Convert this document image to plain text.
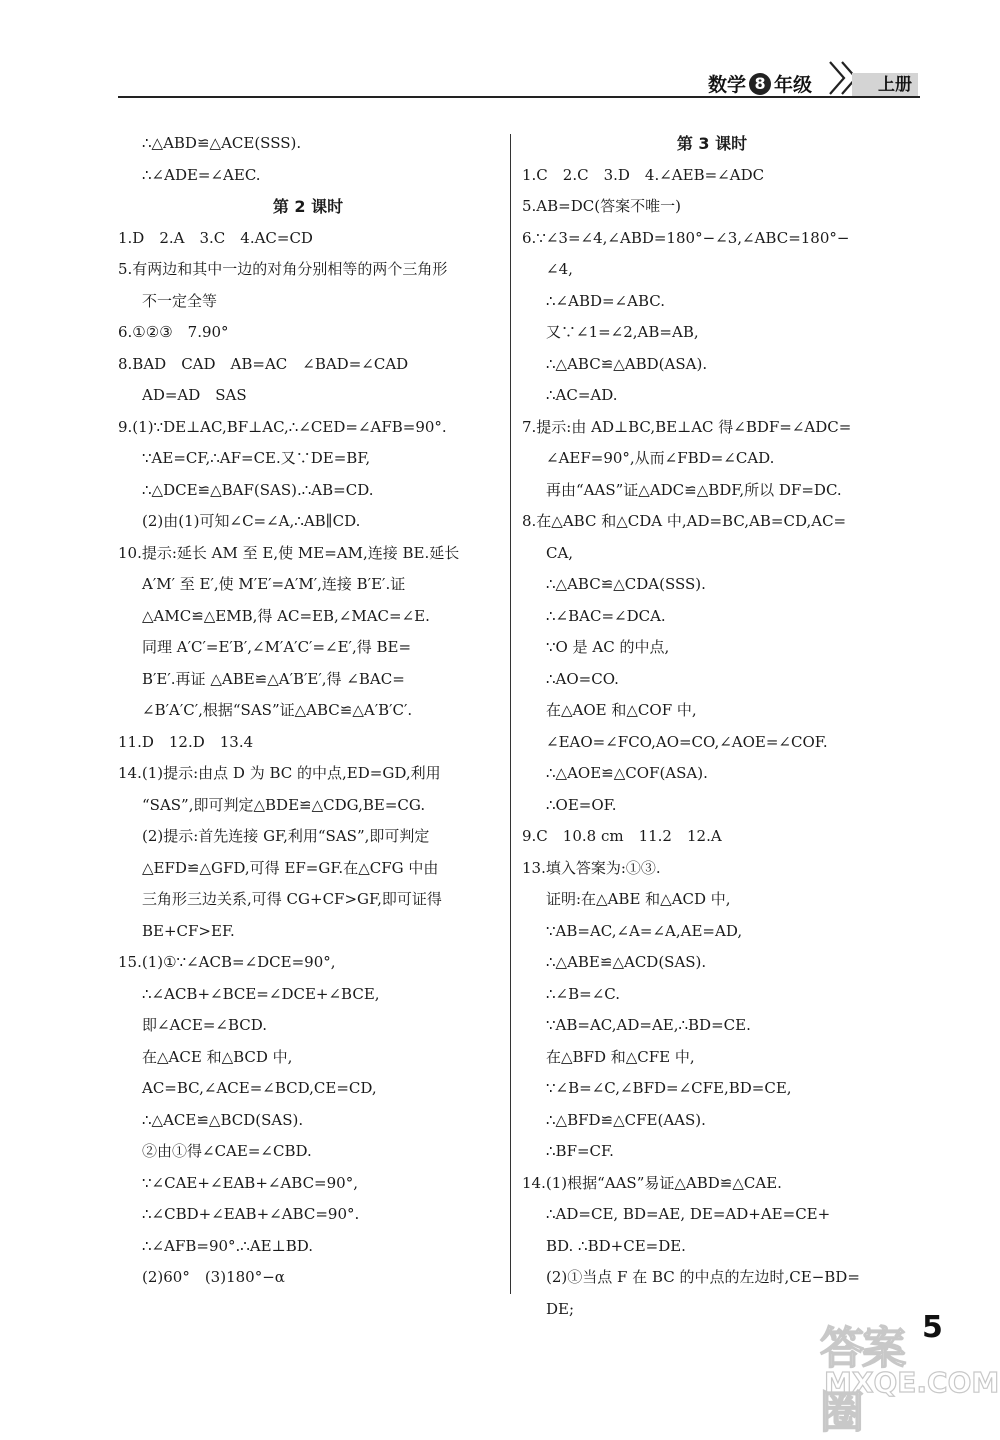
数学 8 年级	上册
∴△ABD≌△ACE(SSS).
∴∠ADE=∠AEC.
第 2 课时
1.D　2.A　3.C　4.AC=CD
5.有两边和其中一边的对角分别相等的两个三角形
不一定全等
6.①②③　7.90°
8.BAD　CAD　AB=AC　∠BAD=∠CAD
AD=AD　SAS
9.(1)∵DE⊥AC,BF⊥AC,∴∠CED=∠AFB=90°.
∵AE=CF,∴AF=CE.又∵DE=BF,
∴△DCE≌△BAF(SAS).∴AB=CD.
(2)由(1)可知∠C=∠A,∴AB∥CD.
10.提示:延长 AM 至 E,使 ME=AM,连接 BE.延长
A′M′ 至 E′,使 M′E′=A′M′,连接 B′E′.证
△AMC≌△EMB,得 AC=EB,∠MAC=∠E.
同理 A′C′=E′B′,∠M′A′C′=∠E′,得 BE=
B′E′.再证 △ABE≌△A′B′E′,得 ∠BAC=
∠B′A′C′,根据“SAS”证△ABC≌△A′B′C′.
11.D　12.D　13.4
14.(1)提示:由点 D 为 BC 的中点,ED=GD,利用
“SAS”,即可判定△BDE≌△CDG,BE=CG.
(2)提示:首先连接 GF,利用“SAS”,即可判定
△EFD≌△GFD,可得 EF=GF.在△CFG 中由
三角形三边关系,可得 CG+CF>GF,即可证得
BE+CF>EF.
15.(1)①∵∠ACB=∠DCE=90°,
∴∠ACB+∠BCE=∠DCE+∠BCE,
即∠ACE=∠BCD.
在△ACE 和△BCD 中,
AC=BC,∠ACE=∠BCD,CE=CD,
∴△ACE≌△BCD(SAS).
②由①得∠CAE=∠CBD.
∵∠CAE+∠EAB+∠ABC=90°,
∴∠CBD+∠EAB+∠ABC=90°.
∴∠AFB=90°.∴AE⊥BD.
(2)60°　(3)180°−α
第 3 课时
1.C　2.C　3.D　4.∠AEB=∠ADC
5.AB=DC(答案不唯一)
6.∵∠3=∠4,∠ABD=180°−∠3,∠ABC=180°−
∠4,
∴∠ABD=∠ABC.
又∵∠1=∠2,AB=AB,
∴△ABC≌△ABD(ASA).
∴AC=AD.
7.提示:由 AD⊥BC,BE⊥AC 得∠BDF=∠ADC=
∠AEF=90°,从而∠FBD=∠CAD.
再由“AAS”证△ADC≌△BDF,所以 DF=DC.
8.在△ABC 和△CDA 中,AD=BC,AB=CD,AC=
CA,
∴△ABC≌△CDA(SSS).
∴∠BAC=∠DCA.
∵O 是 AC 的中点,
∴AO=CO.
在△AOE 和△COF 中,
∠EAO=∠FCO,AO=CO,∠AOE=∠COF.
∴△AOE≌△COF(ASA).
∴OE=OF.
9.C　10.8 cm　11.2　12.A
13.填入答案为:①③.
证明:在△ABE 和△ACD 中,
∵AB=AC,∠A=∠A,AE=AD,
∴△ABE≌△ACD(SAS).
∴∠B=∠C.
∵AB=AC,AD=AE,∴BD=CE.
在△BFD 和△CFE 中,
∵∠B=∠C,∠BFD=∠CFE,BD=CE,
∴△BFD≌△CFE(AAS).
∴BF=CF.
14.(1)根据“AAS”易证△ABD≌△CAE.
∴AD=CE, BD=AE, DE=AD+AE=CE+
BD. ∴BD+CE=DE.
(2)①当点 F 在 BC 的中点的左边时,CE−BD=
DE;
5
答案圈
MXQE.COM
